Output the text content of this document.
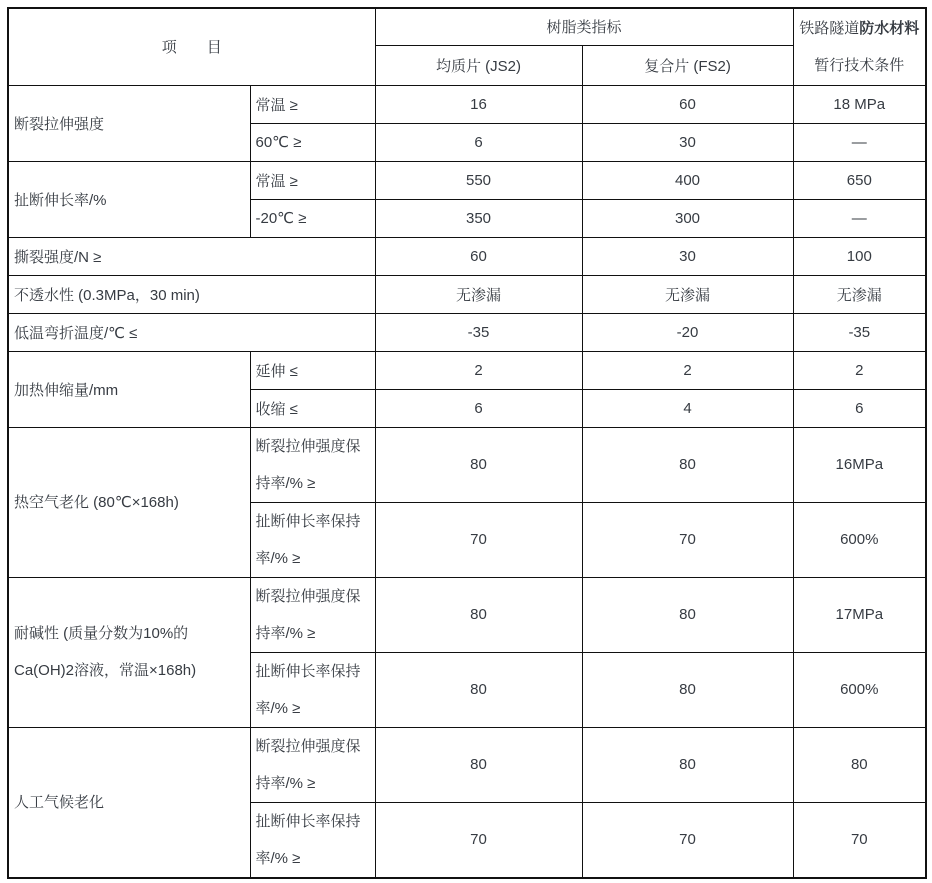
项　　目		树脂类指标		铁路隧道防水材料
暂行技术条件
		均质片 (JS2)	复合片 (FS2)	
断裂拉伸强度	常温 ≥	16	60	18 MPa
	60℃ ≥	6	30	—
扯断伸长率/%	常温 ≥	550	400	650
	-20℃ ≥	350	300	—
撕裂强度/N ≥		60	30	100
不透水性 (0.3MPa，30 min)		无渗漏	无渗漏	无渗漏
低温弯折温度/℃ ≤		-35	-20	-35
加热伸缩量/mm	延伸 ≤	2	2	2
	收缩 ≤	6	4	6
热空气老化 (80℃×168h)	断裂拉伸强度保持率/% ≥	80	80	16MPa
	扯断伸长率保持率/% ≥	70	70	600%
耐碱性 (质量分数为10%的Ca(OH)2溶液，常温×168h)	断裂拉伸强度保持率/% ≥	80	80	17MPa
	扯断伸长率保持率/% ≥	80	80	600%
人工气候老化	断裂拉伸强度保持率/% ≥	80	80	80
	扯断伸长率保持率/% ≥	70	70	70
